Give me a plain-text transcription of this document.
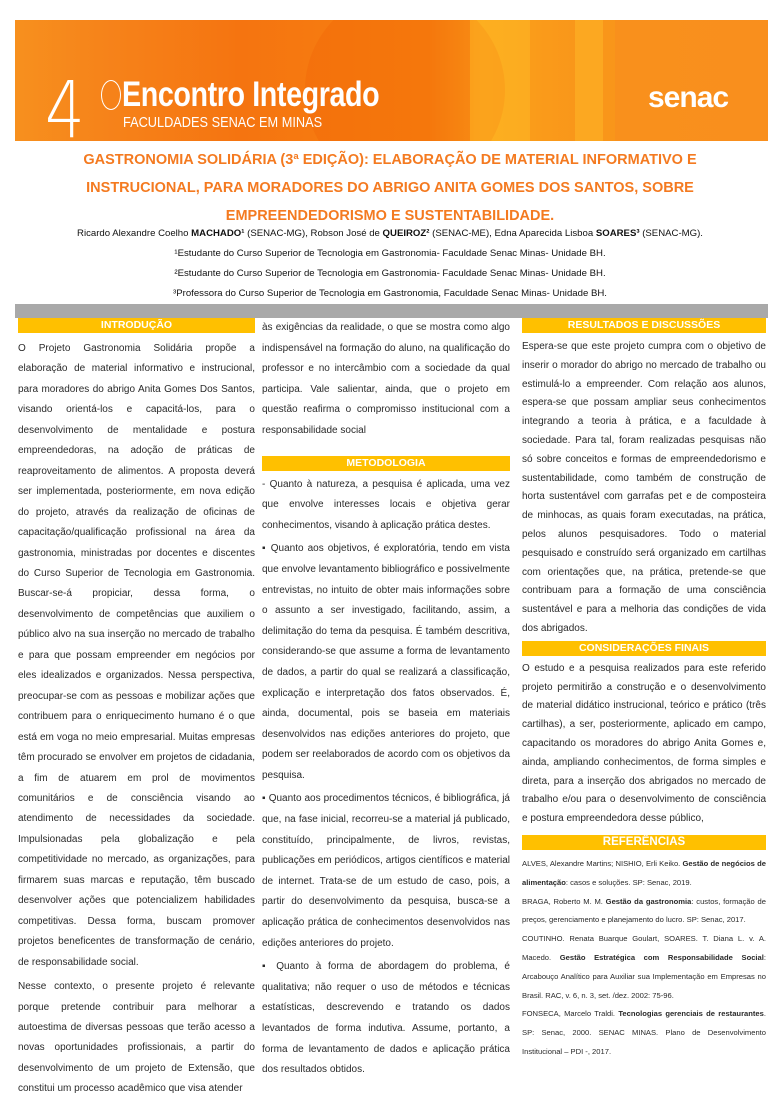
4 Encontro Integrado
FACULDADES SENAC EM MINAS
senac
GASTRONOMIA SOLIDÁRIA (3ª EDIÇÃO): ELABORAÇÃO DE MATERIAL INFORMATIVO E INSTRUCIONAL, PARA MORADORES DO ABRIGO ANITA GOMES DOS SANTOS, SOBRE EMPREENDEDORISMO E SUSTENTABILIDADE.
Ricardo Alexandre Coelho MACHADO¹ (SENAC-MG), Robson José de QUEIROZ² (SENAC-ME), Edna Aparecida Lisboa SOARES³ (SENAC-MG).
¹Estudante do Curso Superior de Tecnologia em Gastronomia- Faculdade Senac Minas- Unidade BH.
²Estudante do Curso Superior de Tecnologia em Gastronomia- Faculdade Senac Minas- Unidade BH.
³Professora do Curso Superior de Tecnologia em Gastronomia, Faculdade Senac Minas- Unidade BH.
INTRODUÇÃO

O Projeto Gastronomia Solidária propõe a elaboração de material informativo e instrucional, para moradores do abrigo Anita Gomes Dos Santos, visando orientá-los e capacitá-los, para o desenvolvimento de mentalidade e postura empreendedoras, na adoção de práticas de reaproveitamento de alimentos. A proposta deverá ser implementada, posteriormente, em nova edição do projeto, através da realização de oficinas de capacitação/qualificação profissional na área da gastronomia, ministradas por docentes e discentes do Curso Superior de Tecnologia em Gastronomia. Buscar-se-á propiciar, dessa forma, o desenvolvimento de competências que auxiliem o público alvo na sua inserção no mercado de trabalho e para que possam empreender em negócios por eles idealizados e organizados. Nessa perspectiva, preocupar-se com as pessoas e mobilizar ações que contribuem para o enriquecimento humano é o que está em voga no meio empresarial. Muitas empresas têm procurado se envolver em projetos de cidadania, a fim de atuarem em prol de movimentos comunitários e de consciência visando ao atendimento de necessidades da sociedade. Impulsionadas pela globalização e pela competitividade no mercado, as organizações, para firmarem suas marcas e reputação, têm buscado desenvolver ações que potencializem habilidades competitivas. Dessa forma, buscam promover projetos beneficentes de transformação de cenário, de responsabilidade social.

Nesse contexto, o presente projeto é relevante porque pretende contribuir para melhorar a autoestima de diversas pessoas que terão acesso a novas oportunidades profissionais, a partir do desenvolvimento de um projeto de Extensão, que constitui um processo acadêmico que visa atender

às exigências da realidade, o que se mostra como algo indispensável na formação do aluno, na qualificação do professor e no intercâmbio com a sociedade da qual participa. Vale salientar, ainda, que o projeto em questão reafirma o compromisso institucional com a responsabilidade social

METODOLOGIA

- Quanto à natureza, a pesquisa é aplicada, uma vez que envolve interesses locais e objetiva gerar conhecimentos, visando à aplicação prática destes.

▪ Quanto aos objetivos, é exploratória, tendo em vista que envolve levantamento bibliográfico e possivelmente entrevistas, no intuito de obter mais informações sobre o assunto a ser investigado, facilitando, assim, a delimitação do tema da pesquisa. É também descritiva, considerando-se que assume a forma de levantamento de dados, a partir do qual se realizará a classificação, explicação e interpretação dos fatos observados. É, ainda, documental, pois se baseia em materiais desenvolvidos nas edições anteriores do projeto, que podem ser reelaborados de acordo com os objetivos da pesquisa.

▪ Quanto aos procedimentos técnicos, é bibliográfica, já que, na fase inicial, recorreu-se a material já publicado, constituído, principalmente, de livros, revistas, publicações em periódicos, artigos científicos e material de internet. Trata-se de um estudo de caso, pois, a partir do desenvolvimento da pesquisa, busca-se a aplicação prática de conhecimentos desenvolvidos nas edições anteriores do projeto.

▪ Quanto à forma de abordagem do problema, é qualitativa; não requer o uso de métodos e técnicas estatísticas, descrevendo e tratando os dados levantados de forma indutiva. Assume, portanto, a forma de levantamento de dados e aplicação prática dos resultados obtidos.

RESULTADOS E DISCUSSÕES

Espera-se que este projeto cumpra com o objetivo de inserir o morador do abrigo no mercado de trabalho ou estimulá-lo a empreender. Com relação aos alunos, espera-se que possam ampliar seus conhecimentos integrando a teoria à prática, e a faculdade à sociedade. Para tal, foram realizadas pesquisas não só sobre conceitos e formas de empreendedorismo e sustentabilidade, como também de construção de horta sustentável com garrafas pet e de composteira de minhocas, as quais foram executadas, na prática, pelos alunos pesquisadores. Todo o material pesquisado e construído será organizado em cartilhas com orientações que, na prática, pretende-se que contribuam para a formação de uma consciência sustentável e para a melhoria das condições de vida dos abrigados.

CONSIDERAÇÕES FINAIS

O estudo e a pesquisa realizados para este referido projeto permitirão a construção e o desenvolvimento de material didático instrucional, teórico e prático (três cartilhas), a ser, posteriormente, aplicado em campo, capacitando os moradores do abrigo Anita Gomes e, ainda, ampliando conhecimentos, de forma simples e direta, para a inserção dos abrigados no mercado de trabalho e/ou para o desenvolvimento de consciência e postura empreendedora desse público,

REFERÊNCIAS

ALVES, Alexandre Martins; NISHIO, Erli Keiko. Gestão de negócios de alimentação: casos e soluções. SP: Senac, 2019.

BRAGA, Roberto M. M. Gestão da gastronomia: custos, formação de preços, gerenciamento e planejamento do lucro. SP: Senac, 2017.

COUTINHO. Renata Buarque Goulart, SOARES. T. Diana L. v. A. Macedo. Gestão Estratégica com Responsabilidade Social: Arcabouço Analítico para Auxiliar sua Implementação em Empresas no Brasil. RAC, v. 6, n. 3, set. /dez. 2002: 75-96.

FONSECA, Marcelo Traldi. Tecnologias gerenciais de restaurantes. SP: Senac, 2000. SENAC MINAS. Plano de Desenvolvimento Institucional – PDI -, 2017.
